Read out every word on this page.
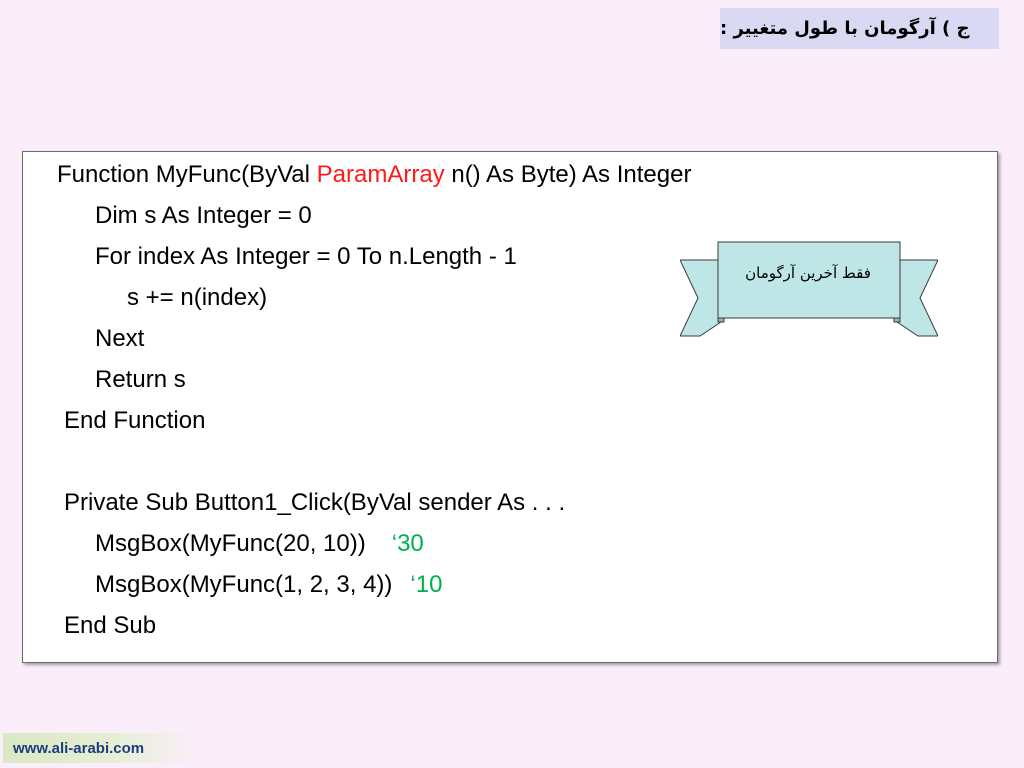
ج ) آرگومان با طول متغییر :
Function MyFunc(ByVal ParamArray n() As Byte) As Integer
Dim s As Integer = 0
For index As Integer = 0 To n.Length - 1
s += n(index)
Next
Return s
End Function
Private Sub Button1_Click(ByVal sender As . . .
MsgBox(MyFunc(20, 10)) ‘30
MsgBox(MyFunc(1, 2, 3, 4)) ‘10
End Sub
فقط آخرین آرگومان
www.ali-arabi.com
